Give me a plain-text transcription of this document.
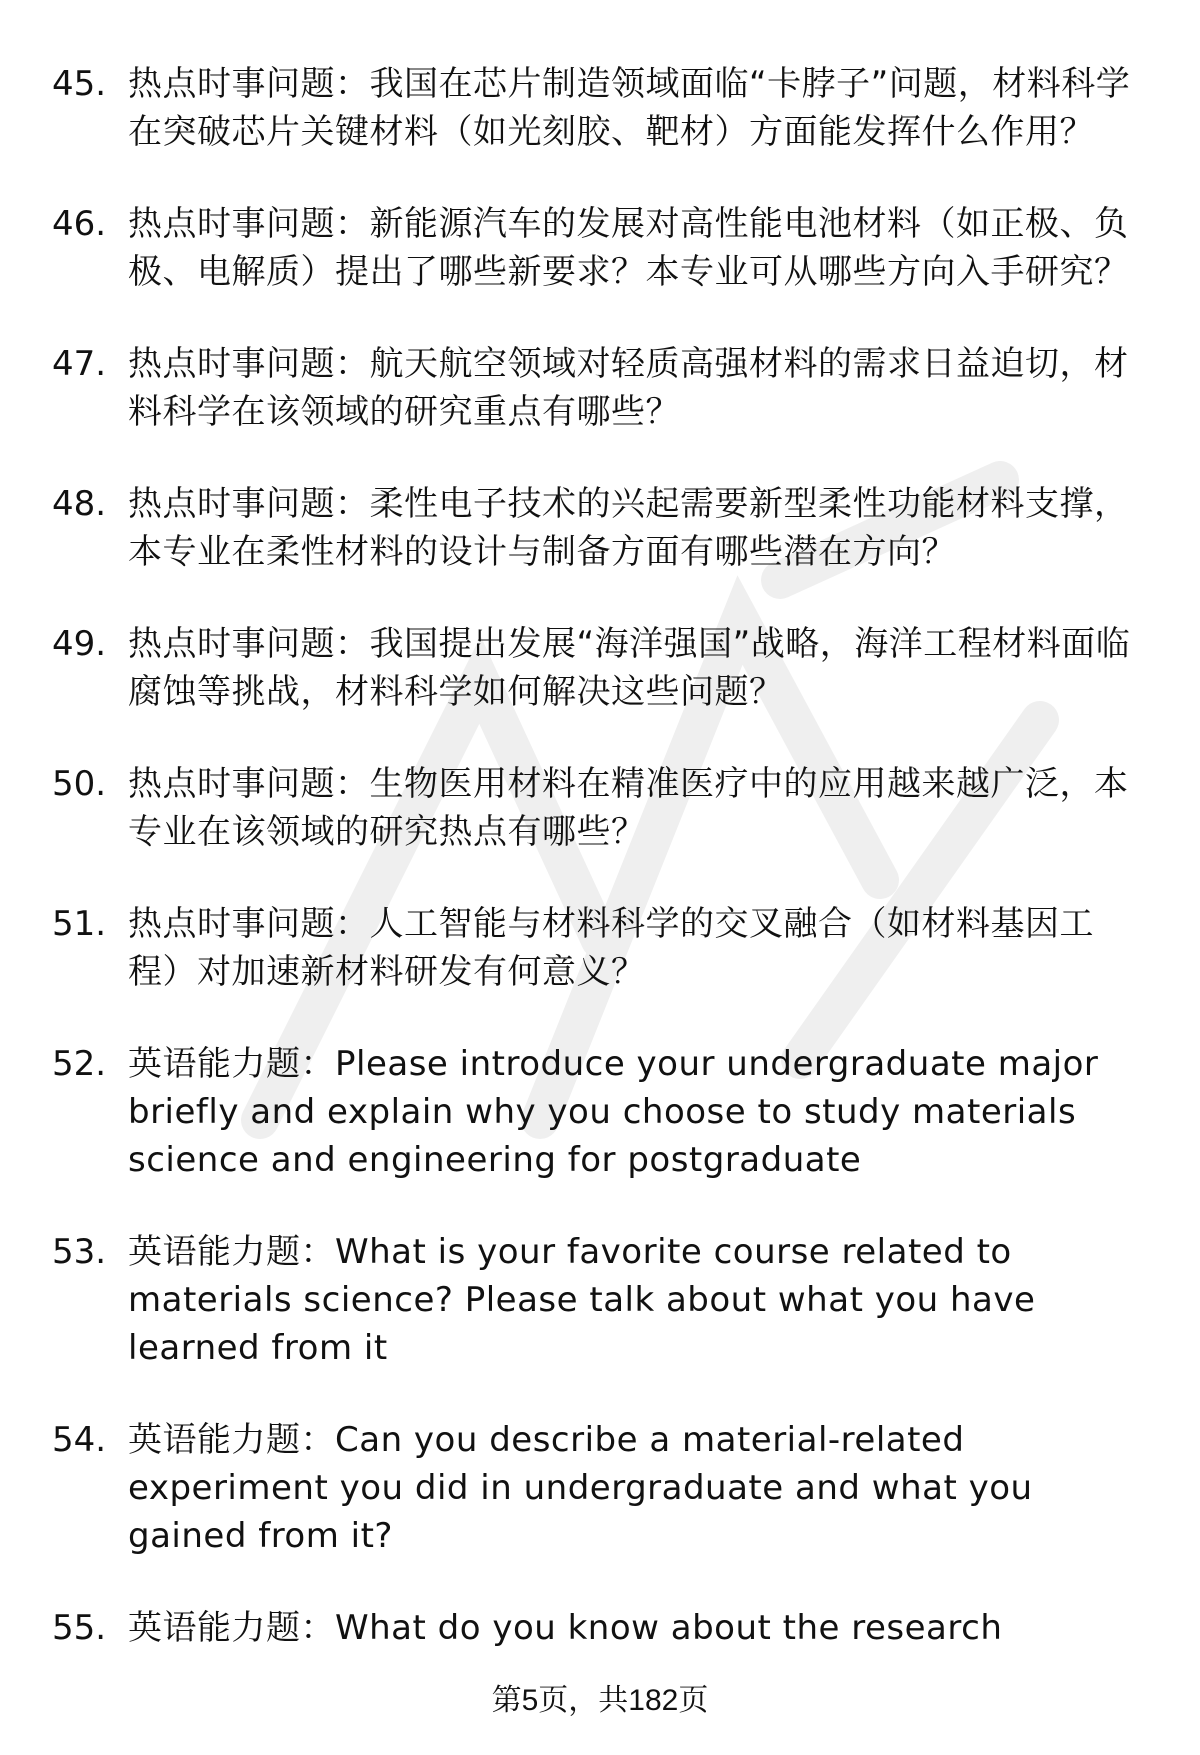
45. 热点时事问题：我国在芯片制造领域面临“卡脖子”问题，材料科学在突破芯片关键材料（如光刻胶、靶材）方面能发挥什么作用？
46. 热点时事问题：新能源汽车的发展对高性能电池材料（如正极、负极、电解质）提出了哪些新要求？本专业可从哪些方向入手研究？
47. 热点时事问题：航天航空领域对轻质高强材料的需求日益迫切，材料科学在该领域的研究重点有哪些？
48. 热点时事问题：柔性电子技术的兴起需要新型柔性功能材料支撑，本专业在柔性材料的设计与制备方面有哪些潜在方向？
49. 热点时事问题：我国提出发展“海洋强国”战略，海洋工程材料面临腐蚀等挑战，材料科学如何解决这些问题？
50. 热点时事问题：生物医用材料在精准医疗中的应用越来越广泛，本专业在该领域的研究热点有哪些？
51. 热点时事问题：人工智能与材料科学的交叉融合（如材料基因工程）对加速新材料研发有何意义？
52. 英语能力题：Please introduce your undergraduate major briefly and explain why you choose to study materials science and engineering for postgraduate
53. 英语能力题：What is your favorite course related to materials science? Please talk about what you have learned from it
54. 英语能力题：Can you describe a material-related experiment you did in undergraduate and what you gained from it?
55. 英语能力题：What do you know about the research
第5页，共182页
